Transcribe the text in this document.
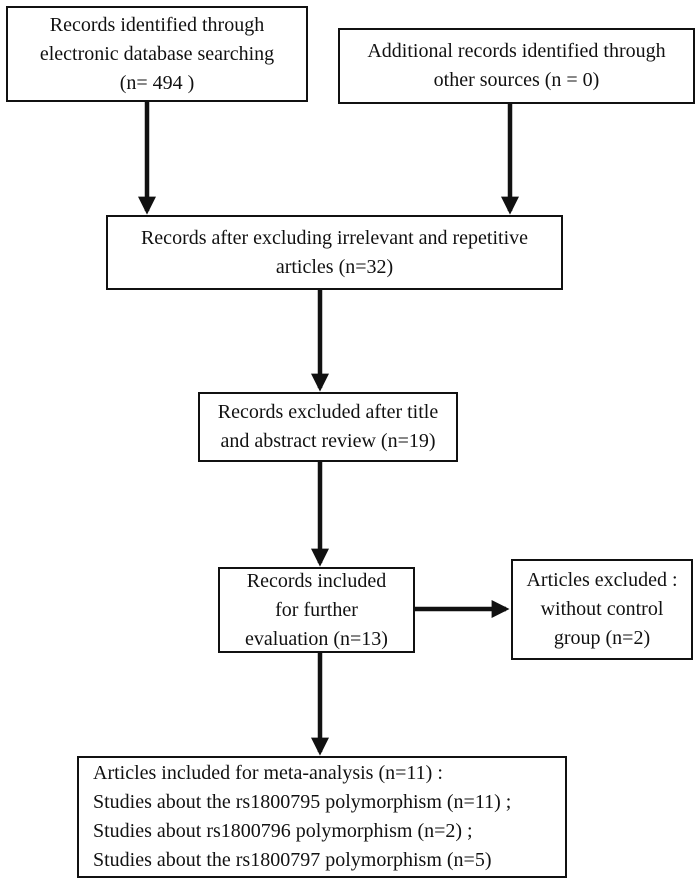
Records identified through
electronic database searching
(n= 494 )
Additional records identified through
other sources (n = 0)
Records after excluding irrelevant and repetitive
articles (n=32)
Records excluded after title
and abstract review (n=19)
Records included
for further
evaluation (n=13)
Articles excluded :
without control
group (n=2)
Articles included for meta-analysis (n=11) :
Studies about the rs1800795 polymorphism (n=11) ;
Studies about rs1800796 polymorphism (n=2) ;
Studies about the rs1800797 polymorphism (n=5)
